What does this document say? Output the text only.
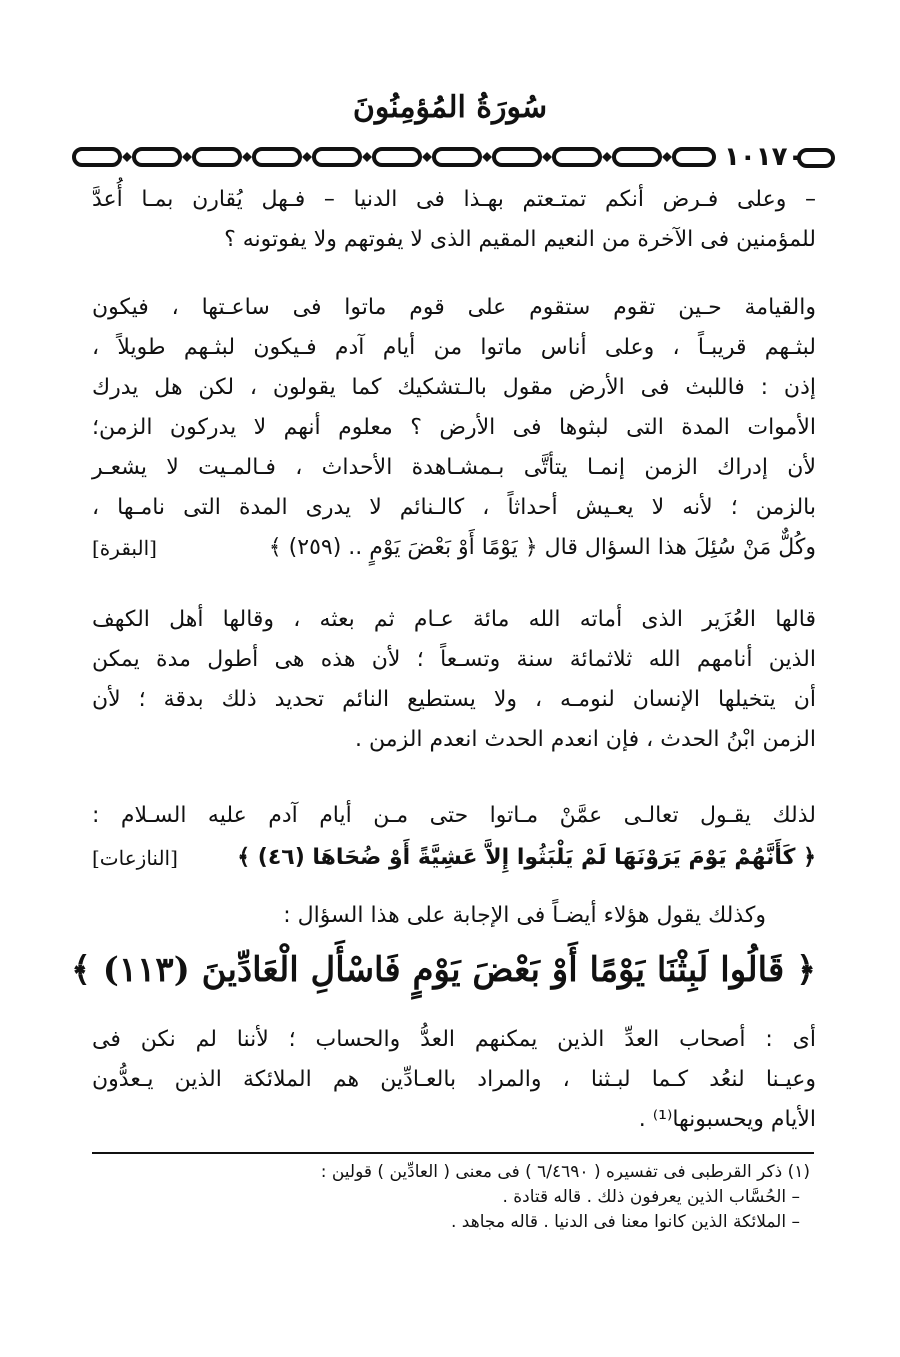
سُورَةُ المُؤمِنُونَ
١٠١٧٠
– وعلى فـرض أنكم تمتـعتم بهـذا فى الدنيا – فـهل يُقارن بمـا أُعدَّ
للمؤمنين فى الآخرة من النعيم المقيم الذى لا يفوتهم ولا يفوتونه ؟
والقيامة حـين تقوم ستقوم على قوم ماتوا فى ساعـتها ، فيكون
لبثـهم قريبـاً ، وعلى أناس ماتوا من أيام آدم فـيكون لبثـهم طويلاً ،
إذن : فاللبث فى الأرض مقول بالـتشكيك كما يقولون ، لكن هل يدرك
الأموات المدة التى لبثوها فى الأرض ؟ معلوم أنهم لا يدركون الزمن؛
لأن إدراك الزمن إنمـا يتأتَّى بـمشـاهدة الأحداث ، فـالمـيت لا يشعـر
بالزمن ؛ لأنه لا يعـيش أحداثاً ، كالـنائم لا يدرى المدة التى نامـها ،
وكُلٌّ مَنْ سُئِلَ هذا السؤال قال ﴿ يَوْمًا أَوْ بَعْضَ يَوْمٍ .. (٢٥٩) ﴾
[البقرة]
قالها العُزَير الذى أماته الله مائة عـام ثم بعثه ، وقالها أهل الكهف
الذين أنامهم الله ثلاثمائة سنة وتسـعاً ؛ لأن هذه هى أطول مدة يمكن
أن يتخيلها الإنسان لنومـه ، ولا يستطيع النائم تحديد ذلك بدقة ؛ لأن
الزمن ابْنُ الحدث ، فإن انعدم الحدث انعدم الزمن .
لذلك يقـول تعالـى عمَّنْ مـاتوا حتى مـن أيام آدم عليه السـلام :
﴿ كَأَنَّهُمْ يَوْمَ يَرَوْنَهَا لَمْ يَلْبَثُوا إِلاَّ عَشِيَّةً أَوْ ضُحَاهَا (٤٦) ﴾
[النازعات]
وكذلك يقول هؤلاء أيضـاً فى الإجابة على هذا السؤال :
﴿ قَالُوا لَبِثْنَا يَوْمًا أَوْ بَعْضَ يَوْمٍ فَاسْأَلِ الْعَادِّينَ (١١٣) ﴾
أى : أصحاب العدِّ الذين يمكنهم العدُّ والحساب ؛ لأننا لم نكن فى
وعيـنا لنعُد كـما لبـثنا ، والمراد بالعـادِّين هم الملائكة الذين يـعدُّون
الأيام ويحسبونها⁽¹⁾ .
(١) ذكر القرطبى فى تفسيره ( ٦/٤٦٩٠ ) فى معنى ( العادِّين ) قولين :
– الحُسَّاب الذين يعرفون ذلك . قاله قتادة .
– الملائكة الذين كانوا معنا فى الدنيا . قاله مجاهد .
